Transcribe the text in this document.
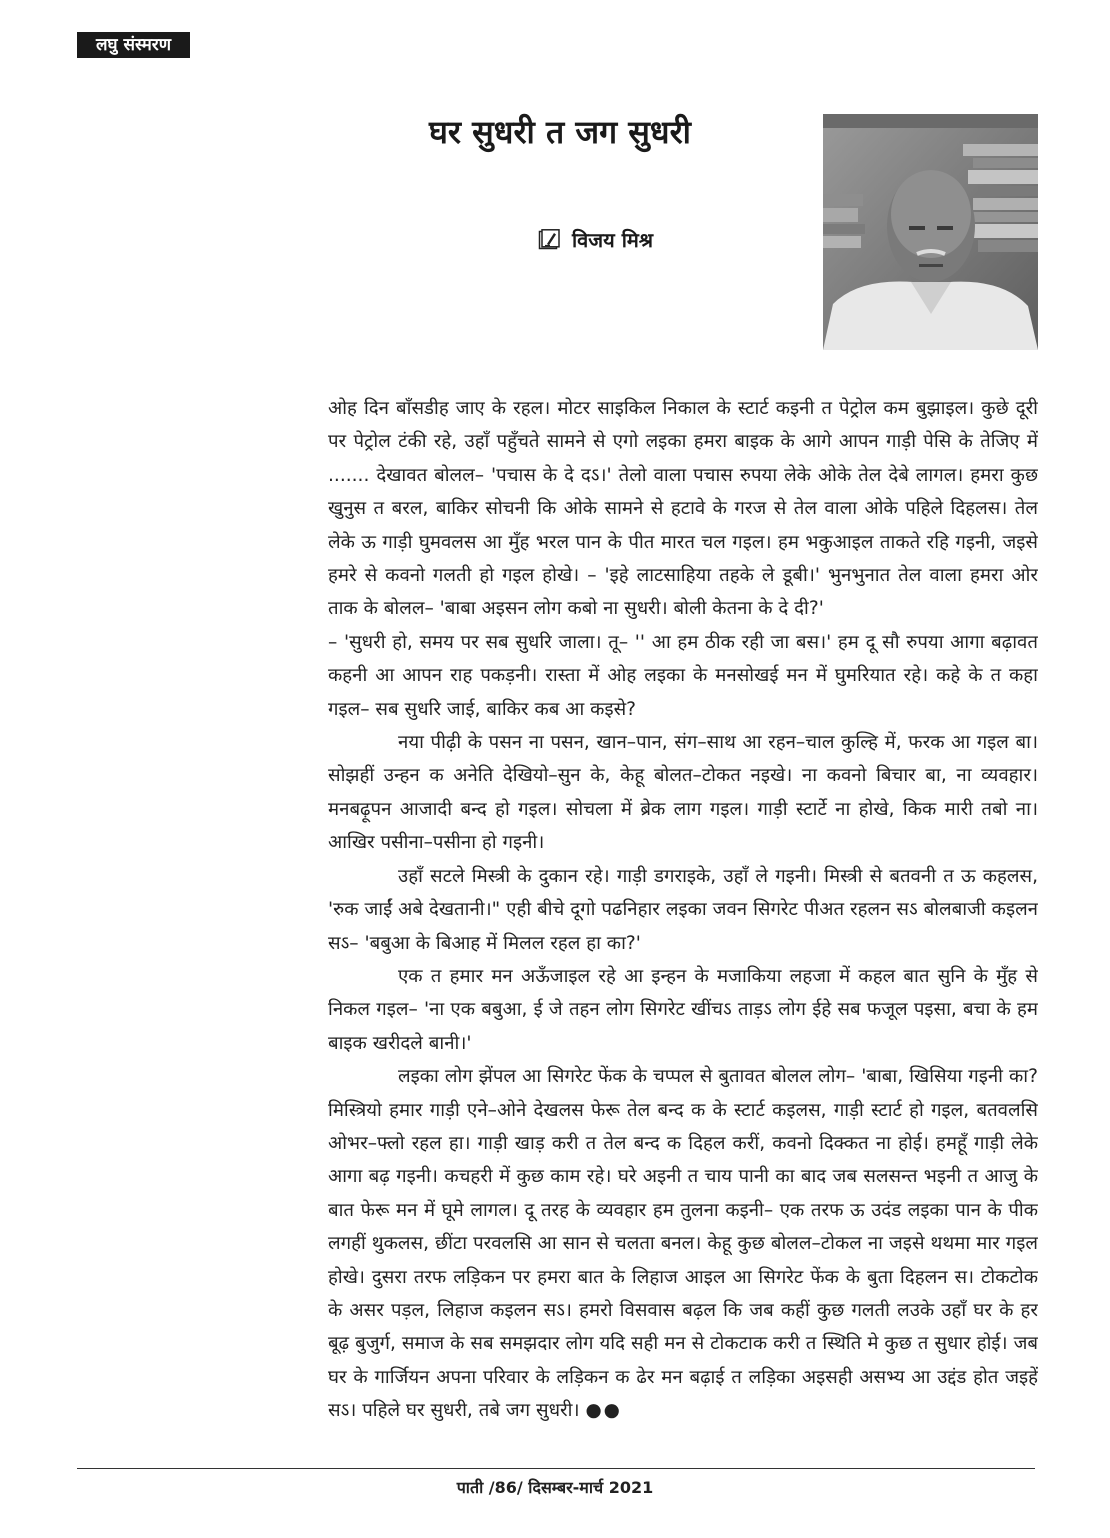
लघु संस्मरण
घर सुधरी त जग सुधरी
विजय मिश्र

ओह दिन बाँसडीह जाए के रहल। मोटर साइकिल निकाल के स्टार्ट कइनी त पेट्रोल कम बुझाइल। कुछे दूरी पर पेट्रोल टंकी रहे, उहाँ पहुँचते सामने से एगो लइका हमरा बाइक के आगे आपन गाड़ी पेसि के तेजिए में ....... देखावत बोलल– 'पचास के दे दऽ।' तेलो वाला पचास रुपया लेके ओके तेल देबे लागल। हमरा कुछ खुनुस त बरल, बाकिर सोचनी कि ओके सामने से हटावे के गरज से तेल वाला ओके पहिले दिहलस। तेल लेके ऊ गाड़ी घुमवलस आ मुँह भरल पान के पीत मारत चल गइल। हम भकुआइल ताकते रहि गइनी, जइसे हमरे से कवनो गलती हो गइल होखे। – 'इहे लाटसाहिया तहके ले डूबी।' भुनभुनात तेल वाला हमरा ओर ताक के बोलल– 'बाबा अइसन लोग कबो ना सुधरी। बोली केतना के दे दी?'

– 'सुधरी हो, समय पर सब सुधरि जाला। तू– '' आ हम ठीक रही जा बस।' हम दू सौ रुपया आगा बढ़ावत कहनी आ आपन राह पकड़नी। रास्ता में ओह लइका के मनसोखई मन में घुमरियात रहे। कहे के त कहा गइल– सब सुधरि जाई, बाकिर कब आ कइसे?

नया पीढ़ी के पसन ना पसन, खान–पान, संग–साथ आ रहन–चाल कुल्हि में, फरक आ गइल बा। सोझहीं उन्हन क अनेति देखियो–सुन के, केहू बोलत–टोकत नइखे। ना कवनो बिचार बा, ना व्यवहार। मनबढ़ूपन आजादी बन्द हो गइल। सोचला में ब्रेक लाग गइल। गाड़ी स्टार्टे ना होखे, किक मारी तबो ना। आखिर पसीना–पसीना हो गइनी।

उहाँ सटले मिस्त्री के दुकान रहे। गाड़ी डगराइके, उहाँ ले गइनी। मिस्त्री से बतवनी त ऊ कहलस, 'रुक जाईं अबे देखतानी।" एही बीचे दूगो पढनिहार लइका जवन सिगरेट पीअत रहलन सऽ बोलबाजी कइलन सऽ– 'बबुआ के बिआह में मिलल रहल हा का?'

एक त हमार मन अऊँजाइल रहे आ इन्हन के मजाकिया लहजा में कहल बात सुनि के मुँह से निकल गइल– 'ना एक बबुआ, ई जे तहन लोग सिगरेट खींचऽ ताड़ऽ लोग ईहे सब फजूल पइसा, बचा के हम बाइक खरीदले बानी।'

लइका लोग झेंपल आ सिगरेट फेंक के चप्पल से बुतावत बोलल लोग– 'बाबा, खिसिया गइनी का? मिस्त्रियो हमार गाड़ी एने–ओने देखलस फेरू तेल बन्द क के स्टार्ट कइलस, गाड़ी स्टार्ट हो गइल, बतवलसि ओभर–फ्लो रहल हा। गाड़ी खाड़ करी त तेल बन्द क दिहल करीं, कवनो दिक्कत ना होई। हमहूँ गाड़ी लेके आगा बढ़ गइनी। कचहरी में कुछ काम रहे। घरे अइनी त चाय पानी का बाद जब सलसन्त भइनी त आजु के बात फेरू मन में घूमे लागल। दू तरह के व्यवहार हम तुलना कइनी– एक तरफ ऊ उदंड लइका पान के पीक लगहीं थुकलस, छींटा परवलसि आ सान से चलता बनल। केहू कुछ बोलल–टोकल ना जइसे थथमा मार गइल होखे। दुसरा तरफ लड़िकन पर हमरा बात के लिहाज आइल आ सिगरेट फेंक के बुता दिहलन स। टोकटोक के असर पड़ल, लिहाज कइलन सऽ। हमरो विसवास बढ़ल कि जब कहीं कुछ गलती लउके उहाँ घर के हर बूढ़ बुजुर्ग, समाज के सब समझदार लोग यदि सही मन से टोकटाक करी त स्थिति मे कुछ त सुधार होई। जब घर के गार्जियन अपना परिवार के लड़िकन क ढेर मन बढ़ाई त लड़िका अइसही असभ्य आ उद्दंड होत जइहें सऽ। पहिले घर सुधरी, तबे जग सुधरी। ●●

पाती /86/ दिसम्बर-मार्च 2021
